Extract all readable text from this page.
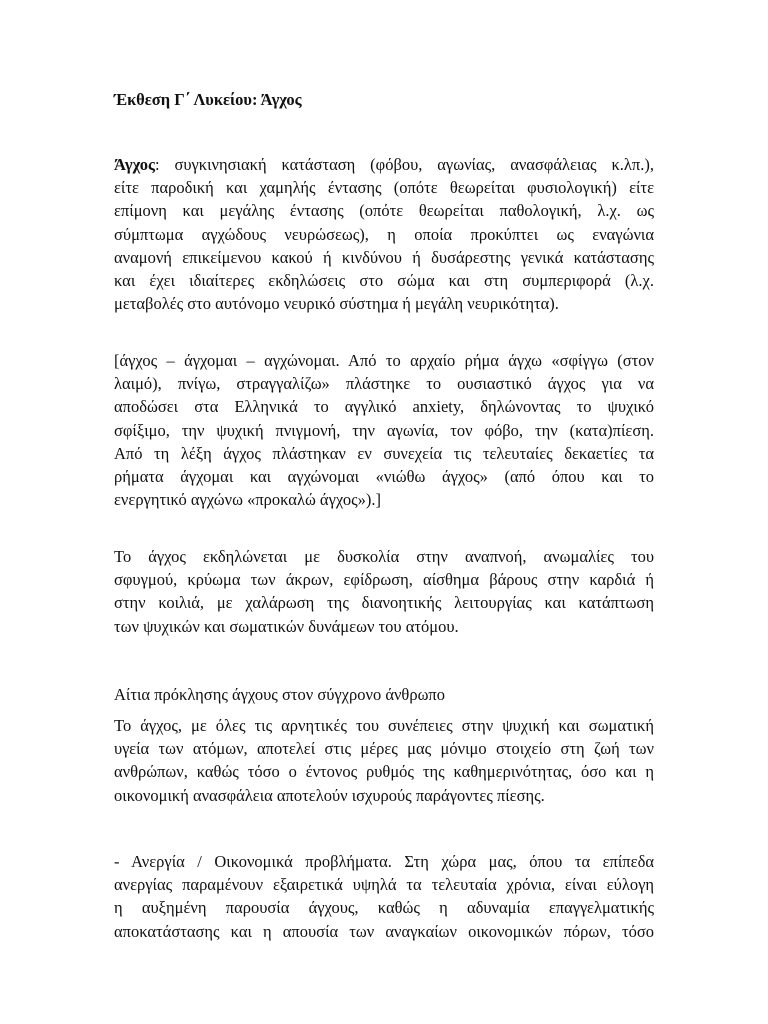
Έκθεση Γ΄ Λυκείου: Άγχος
Άγχος: συγκινησιακή κατάσταση (φόβου, αγωνίας, ανασφάλειας κ.λπ.),
είτε παροδική και χαμηλής έντασης (οπότε θεωρείται φυσιολογική) είτε
επίμονη και μεγάλης έντασης (οπότε θεωρείται παθολογική, λ.χ. ως
σύμπτωμα αγχώδους νευρώσεως), η οποία προκύπτει ως εναγώνια
αναμονή επικείμενου κακού ή κινδύνου ή δυσάρεστης γενικά κατάστασης
και έχει ιδιαίτερες εκδηλώσεις στο σώμα και στη συμπεριφορά (λ.χ.
μεταβολές στο αυτόνομο νευρικό σύστημα ή μεγάλη νευρικότητα).
[άγχος – άγχομαι – αγχώνομαι. Από το αρχαίο ρήμα άγχω «σφίγγω (στον
λαιμό), πνίγω, στραγγαλίζω» πλάστηκε το ουσιαστικό άγχος για να
αποδώσει στα Ελληνικά το αγγλικό anxiety, δηλώνοντας το ψυχικό
σφίξιμο, την ψυχική πνιγμονή, την αγωνία, τον φόβο, την (κατα)πίεση.
Από τη λέξη άγχος πλάστηκαν εν συνεχεία τις τελευταίες δεκαετίες τα
ρήματα άγχομαι και αγχώνομαι «νιώθω άγχος» (από όπου και το
ενεργητικό αγχώνω «προκαλώ άγχος»).]
Το άγχος εκδηλώνεται με δυσκολία στην αναπνοή, ανωμαλίες του
σφυγμού, κρύωμα των άκρων, εφίδρωση, αίσθημα βάρους στην καρδιά ή
στην κοιλιά, με χαλάρωση της διανοητικής λειτουργίας και κατάπτωση
των ψυχικών και σωματικών δυνάμεων του ατόμου.
Αίτια πρόκλησης άγχους στον σύγχρονο άνθρωπο
Το άγχος, με όλες τις αρνητικές του συνέπειες στην ψυχική και σωματική
υγεία των ατόμων, αποτελεί στις μέρες μας μόνιμο στοιχείο στη ζωή των
ανθρώπων, καθώς τόσο ο έντονος ρυθμός της καθημερινότητας, όσο και η
οικονομική ανασφάλεια αποτελούν ισχυρούς παράγοντες πίεσης.
- Ανεργία / Οικονομικά προβλήματα. Στη χώρα μας, όπου τα επίπεδα
ανεργίας παραμένουν εξαιρετικά υψηλά τα τελευταία χρόνια, είναι εύλογη
η αυξημένη παρουσία άγχους, καθώς η αδυναμία επαγγελματικής
αποκατάστασης και η απουσία των αναγκαίων οικονομικών πόρων, τόσο
